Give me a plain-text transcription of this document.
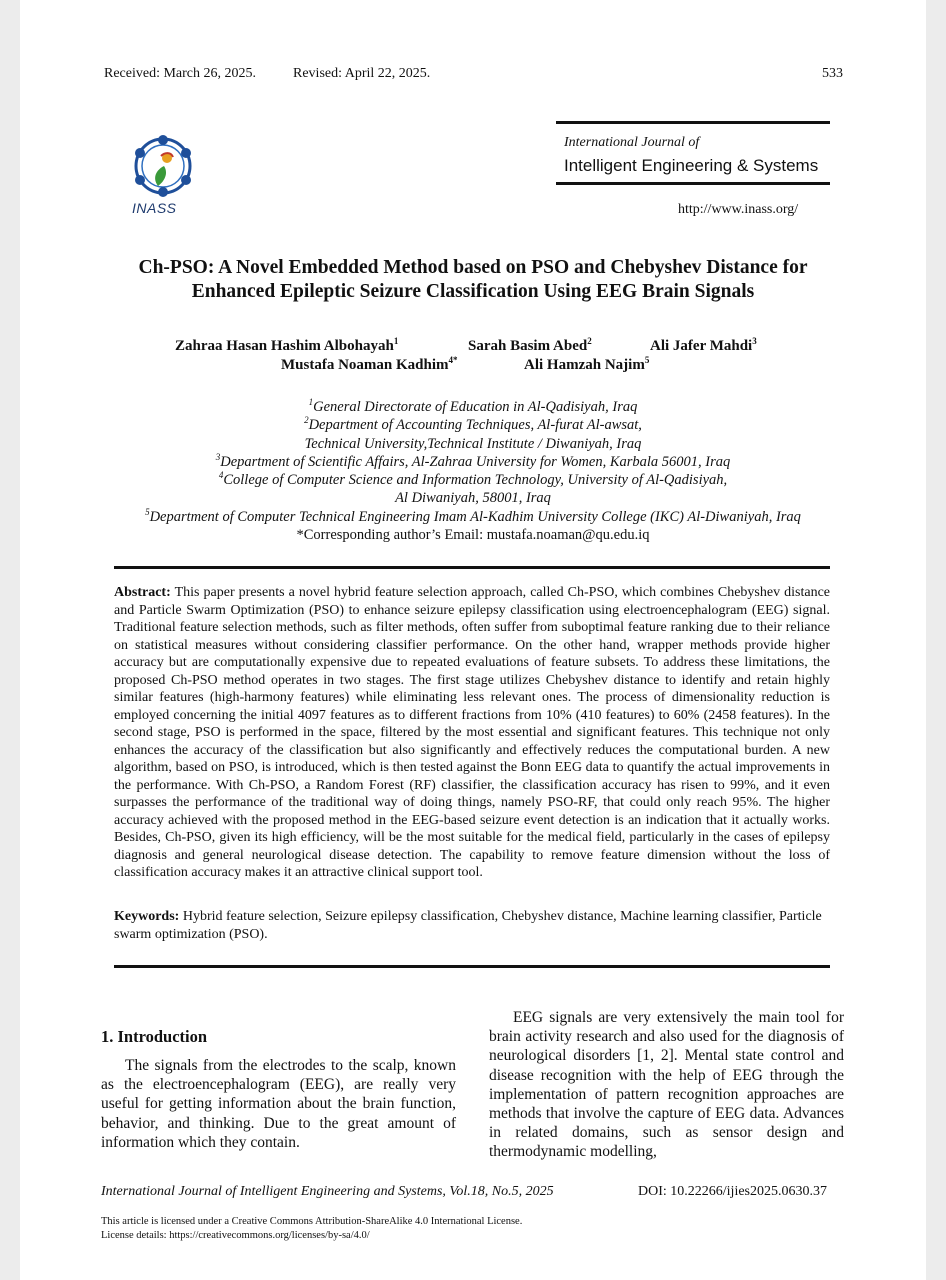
Received: March 26, 2025.	Revised: April 22, 2025.	533
INASS
International Journal of
Intelligent Engineering & Systems
http://www.inass.org/
Ch-PSO: A Novel Embedded Method based on PSO and Chebyshev Distance for
Enhanced Epileptic Seizure Classification Using EEG Brain Signals
Zahraa Hasan Hashim Albohayah$^1$	Sarah Basim Abed$^2$	Ali Jafer Mahdi$^3$
Mustafa Noaman Kadhim$^{4*}$	Ali Hamzah Najim$^5$
$^1$General Directorate of Education in Al-Qadisiyah, Iraq
$^2$Department of Accounting Techniques, Al-furat Al-awsat,
Technical University,Technical Institute / Diwaniyah, Iraq
$^3$Department of Scientific Affairs, Al-Zahraa University for Women, Karbala 56001, Iraq
$^4$College of Computer Science and Information Technology, University of Al-Qadisiyah,
Al Diwaniyah, 58001, Iraq
$^5$Department of Computer Technical Engineering Imam Al-Kadhim University College (IKC) Al-Diwaniyah, Iraq
*Corresponding author’s Email: mustafa.noaman@qu.edu.iq
Abstract: This paper presents a novel hybrid feature selection approach, called Ch-PSO, which combines Chebyshev distance and Particle Swarm Optimization (PSO) to enhance seizure epilepsy classification using electroencephalogram (EEG) signal. Traditional feature selection methods, such as filter methods, often suffer from suboptimal feature ranking due to their reliance on statistical measures without considering classifier performance. On the other hand, wrapper methods provide higher accuracy but are computationally expensive due to repeated evaluations of feature subsets. To address these limitations, the proposed Ch-PSO method operates in two stages. The first stage utilizes Chebyshev distance to identify and retain highly similar features (high-harmony features) while eliminating less relevant ones. The process of dimensionality reduction is employed concerning the initial 4097 features as to different fractions from 10% (410 features) to 60% (2458 features). In the second stage, PSO is performed in the space, filtered by the most essential and significant features. This technique not only enhances the accuracy of the classification but also significantly and effectively reduces the computational burden. A new algorithm, based on PSO, is introduced, which is then tested against the Bonn EEG data to quantify the actual improvements in the performance. With Ch-PSO, a Random Forest (RF) classifier, the classification accuracy has risen to 99%, and it even surpasses the performance of the traditional way of doing things, namely PSO-RF, that could only reach 95%. The higher accuracy achieved with the proposed method in the EEG-based seizure event detection is an indication that it actually works. Besides, Ch-PSO, given its high efficiency, will be the most suitable for the medical field, particularly in the cases of epilepsy diagnosis and general neurological disease detection. The capability to remove feature dimension without the loss of classification accuracy makes it an attractive clinical support tool.
Keywords: Hybrid feature selection, Seizure epilepsy classification, Chebyshev distance, Machine learning classifier, Particle swarm optimization (PSO).
1. Introduction
The signals from the electrodes to the scalp, known as the electroencephalogram (EEG), are really very useful for getting information about the brain function, behavior, and thinking. Due to the great amount of information which they contain.
EEG signals are very extensively the main tool for brain activity research and also used for the diagnosis of neurological disorders [1, 2]. Mental state control and disease recognition with the help of EEG through the implementation of pattern recognition approaches are methods that involve the capture of EEG data. Advances in related domains, such as sensor design and thermodynamic modelling,
International Journal of Intelligent Engineering and Systems, Vol.18, No.5, 2025	DOI: 10.22266/ijies2025.0630.37
This article is licensed under a Creative Commons Attribution-ShareAlike 4.0 International License.
License details: https://creativecommons.org/licenses/by-sa/4.0/
